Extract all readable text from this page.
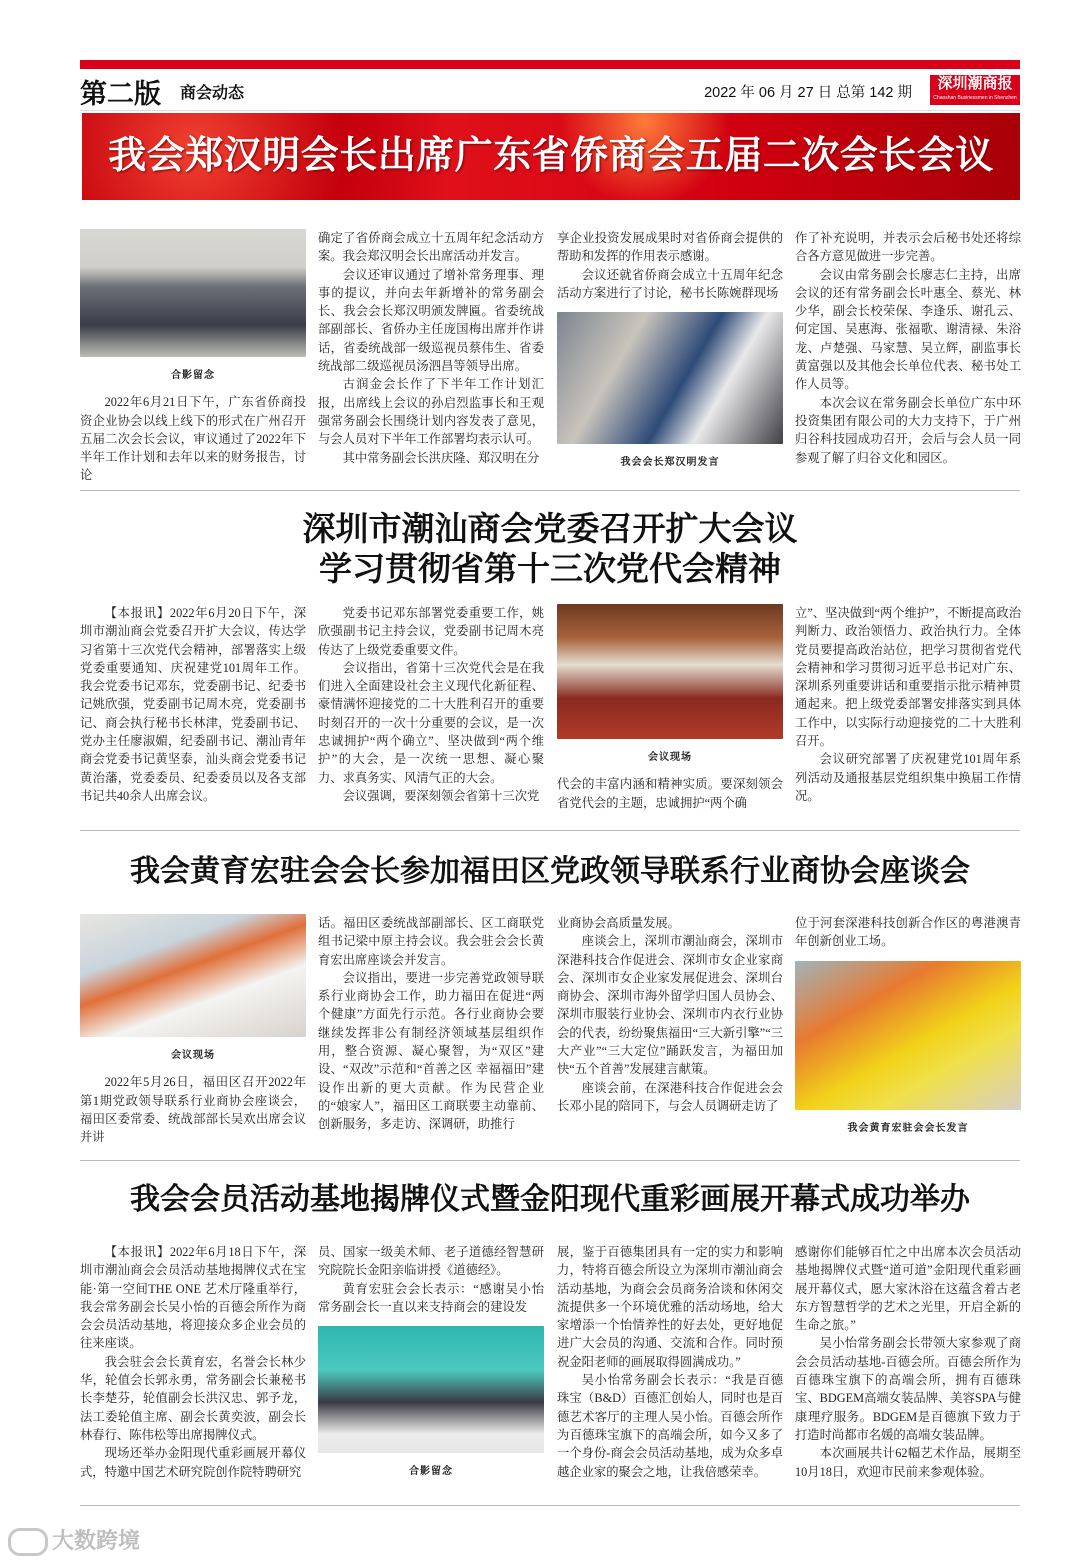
第二版 商会动态	2022 年 06 月 27 日 总第 142 期
深圳潮商报
Chaoshan Businessmen in Shenzhen
我会郑汉明会长出席广东省侨商会五届二次会长会议
深圳市潮汕商会党委召开扩大会议
学习贯彻省第十三次党代会精神
我会黄育宏驻会会长参加福田区党政领导联系行业商协会座谈会
我会会员活动基地揭牌仪式暨金阳现代重彩画展开幕式成功举办
合影留念

2022年6月21日下午，广东省侨商投资企业协会以线上线下的形式在广州召开五届二次会长会议，审议通过了2022年下半年工作计划和去年以来的财务报告，讨论

确定了省侨商会成立十五周年纪念活动方案。我会郑汉明会长出席活动并发言。

会议还审议通过了增补常务理事、理事的提议，并向去年新增补的常务副会长、我会会长郑汉明颁发牌匾。省委统战部副部长、省侨办主任庞国梅出席并作讲话，省委统战部一级巡视员蔡伟生、省委统战部二级巡视员汤泗昌等领导出席。

古润金会长作了下半年工作计划汇报，出席线上会议的孙启烈监事长和王观强常务副会长围绕计划内容发表了意见，与会人员对下半年工作部署均表示认可。

其中常务副会长洪庆隆、郑汉明在分

享企业投资发展成果时对省侨商会提供的帮助和发挥的作用表示感谢。

会议还就省侨商会成立十五周年纪念活动方案进行了讨论，秘书长陈婉群现场

我会会长郑汉明发言

作了补充说明，并表示会后秘书处还将综合各方意见做进一步完善。

会议由常务副会长廖志仁主持，出席会议的还有常务副会长叶惠全、蔡光、林少华，副会长校荣保、李逢乐、谢孔云、何定国、吴惠海、张福歌、谢清禄、朱浴龙、卢楚强、马家慧、吴立辉，副监事长黄富强以及其他会长单位代表、秘书处工作人员等。

本次会议在常务副会长单位广东中环投资集团有限公司的大力支持下，于广州归谷科技园成功召开，会后与会人员一同参观了解了归谷文化和园区。

【本报讯】2022年6月20日下午，深圳市潮汕商会党委召开扩大会议，传达学习省第十三次党代会精神，部署落实上级党委重要通知、庆祝建党101周年工作。我会党委书记邓东，党委副书记、纪委书记姚欣强，党委副书记周木亮，党委副书记、商会执行秘书长林津，党委副书记、党办主任廖淑媚，纪委副书记、潮汕青年商会党委书记黄坚泰，汕头商会党委书记黄治藩，党委委员、纪委委员以及各支部书记共40余人出席会议。

党委书记邓东部署党委重要工作，姚欣强副书记主持会议，党委副书记周木亮传达了上级党委重要文件。

会议指出，省第十三次党代会是在我们进入全面建设社会主义现代化新征程、豪情满怀迎接党的二十大胜利召开的重要时刻召开的一次十分重要的会议，是一次忠诚拥护“两个确立”、坚决做到“两个维护”的大会，是一次统一思想、凝心聚力、求真务实、风清气正的大会。

会议强调，要深刻领会省第十三次党

会议现场

代会的丰富内涵和精神实质。要深刻领会省党代会的主题，忠诚拥护“两个确

立”、坚决做到“两个维护”，不断提高政治判断力、政治领悟力、政治执行力。全体党员要提高政治站位，把学习贯彻省党代会精神和学习贯彻习近平总书记对广东、深圳系列重要讲话和重要指示批示精神贯通起来。把上级党委部署安排落实到具体工作中，以实际行动迎接党的二十大胜利召开。

会议研究部署了庆祝建党101周年系列活动及通报基层党组织集中换届工作情况。

会议现场

2022年5月26日，福田区召开2022年第1期党政领导联系行业商协会座谈会，福田区委常委、统战部部长吴欢出席会议并讲

话。福田区委统战部副部长、区工商联党组书记梁中原主持会议。我会驻会会长黄育宏出席座谈会并发言。

会议指出，要进一步完善党政领导联系行业商协会工作，助力福田在促进“两个健康”方面先行示范。各行业商协会要继续发挥非公有制经济领域基层组织作用，整合资源、凝心聚智，为“双区”建设、“双改”示范和“首善之区 幸福福田”建设作出新的更大贡献。作为民营企业的“娘家人”，福田区工商联要主动靠前、创新服务，多走访、深调研，助推行

业商协会高质量发展。

座谈会上，深圳市潮汕商会，深圳市深港科技合作促进会、深圳市女企业家商会、深圳市女企业家发展促进会、深圳台商协会、深圳市海外留学归国人员协会、深圳市服装行业协会、深圳市内衣行业协会的代表，纷纷聚焦福田“三大新引擎”“三大产业”“三大定位”踊跃发言，为福田加快“五个首善”发展建言献策。

座谈会前，在深港科技合作促进会会长邓小昆的陪同下，与会人员调研走访了

位于河套深港科技创新合作区的粤港澳青年创新创业工场。

我会黄育宏驻会会长发言

【本报讯】2022年6月18日下午，深圳市潮汕商会会员活动基地揭牌仪式在宝能·第一空间THE ONE 艺术厅隆重举行，我会常务副会长吴小怡的百德会所作为商会会员活动基地，将迎接众多企业会员的往来座谈。

我会驻会会长黄育宏，名誉会长林少华，轮值会长郭永勇，常务副会长兼秘书长李楚芬，轮值副会长洪汉忠、郭予龙，法工委轮值主席、副会长黄奕波，副会长林春行、陈伟松等出席揭牌仪式。

现场还举办金阳现代重彩画展开幕仪式，特邀中国艺术研究院创作院特聘研究

员、国家一级美术师、老子道德经智慧研究院院长金阳亲临讲授《道德经》。

黄育宏驻会会长表示：“感谢吴小怡常务副会长一直以来支持商会的建设发

合影留念

展，鉴于百德集团具有一定的实力和影响力，特将百德会所设立为深圳市潮汕商会活动基地，为商会会员商务洽谈和休闲交流提供多一个环境优雅的活动场地，给大家增添一个怡情养性的好去处，更好地促进广大会员的沟通、交流和合作。同时预祝金阳老师的画展取得圆满成功。”

吴小怡常务副会长表示：“我是百德珠宝（B&D）百德汇创始人，同时也是百德艺术客厅的主理人吴小怡。百德会所作为百德珠宝旗下的高端会所，如今又多了一个身份-商会会员活动基地，成为众多卓越企业家的聚会之地，让我倍感荣幸。

感谢你们能够百忙之中出席本次会员活动基地揭牌仪式暨“道可道”金阳现代重彩画展开幕仪式，愿大家沐浴在这蕴含着古老东方智慧哲学的艺术之光里，开启全新的生命之旅。”

吴小怡常务副会长带领大家参观了商会会员活动基地-百德会所。百德会所作为百德珠宝旗下的高端会所，拥有百德珠宝、BDGEM高端女装品牌、美容SPA与健康理疗服务。BDGEM是百德旗下致力于打造时尚都市名媛的高端女装品牌。

本次画展共计62幅艺术作品，展期至10月18日，欢迎市民前来参观体验。

大数跨境
